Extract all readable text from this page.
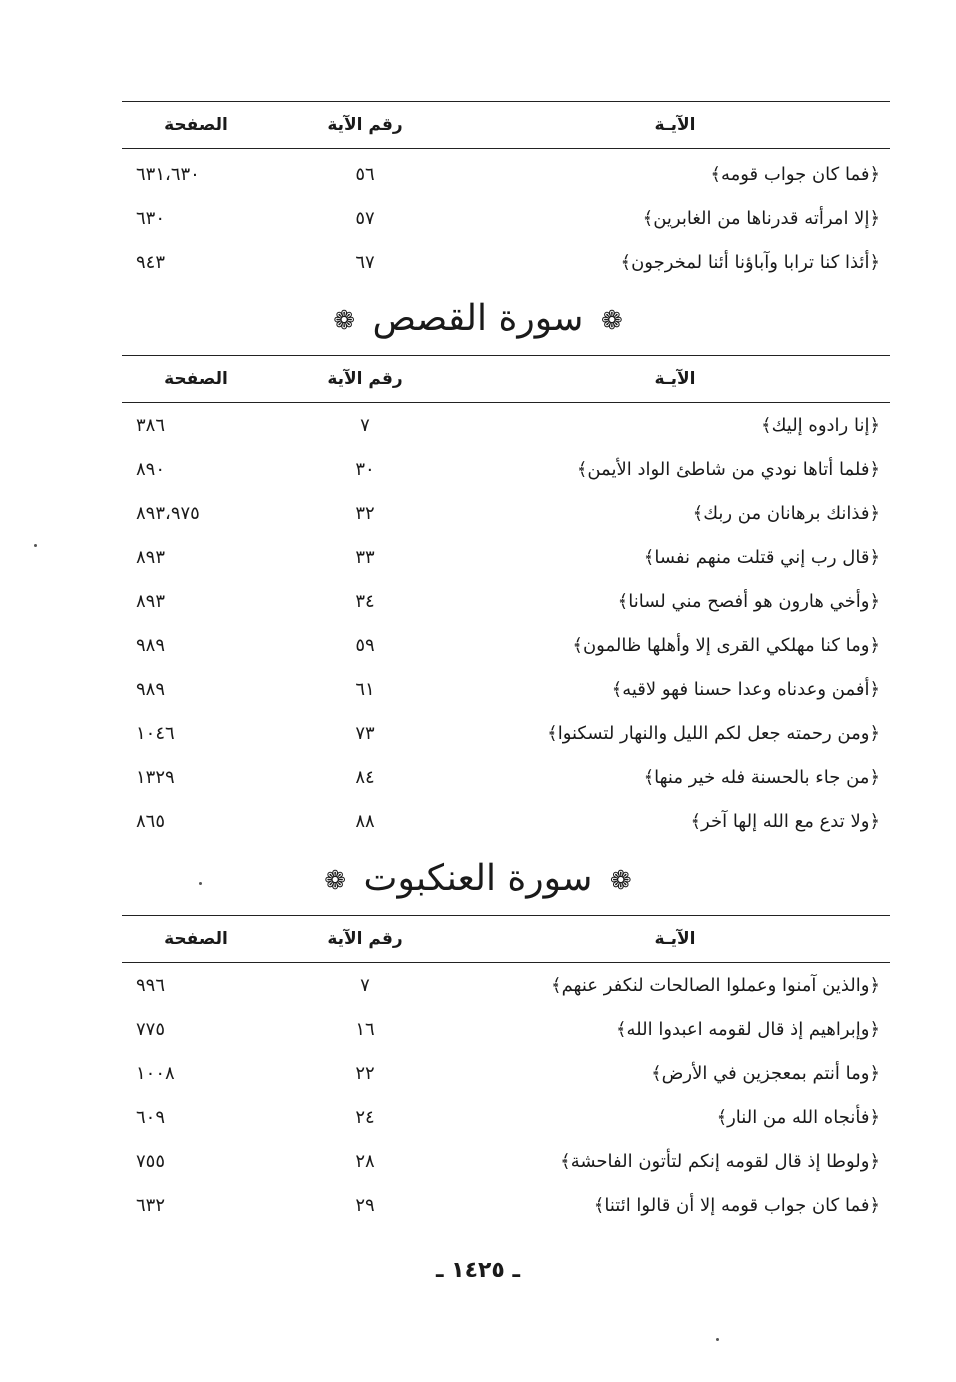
الآيـة
رقم الآية
الصفحة
﴿فما كان جواب قومه﴾
٥٦
٦٣١،٦٣٠
﴿إلا امرأته قدرناها من الغابرين﴾
٥٧
٦٣٠
﴿أئذا كنا ترابا وآباؤنا أئنا لمخرجون﴾
٦٧
٩٤٣
❁ سورة القصص ❁
الآيـة
رقم الآية
الصفحة
﴿إنا رادوه إليك﴾
٧
٣٨٦
﴿فلما أتاها نودي من شاطئ الواد الأيمن﴾
٣٠
٨٩٠
﴿فذانك برهانان من ربك﴾
٣٢
٨٩٣،٩٧٥
﴿قال رب إني قتلت منهم نفسا﴾
٣٣
٨٩٣
﴿وأخي هارون هو أفصح مني لسانا﴾
٣٤
٨٩٣
﴿وما كنا مهلكي القرى إلا وأهلها ظالمون﴾
٥٩
٩٨٩
﴿أفمن وعدناه وعدا حسنا فهو لاقيه﴾
٦١
٩٨٩
﴿ومن رحمته جعل لكم الليل والنهار لتسكنوا﴾
٧٣
١٠٤٦
﴿من جاء بالحسنة فله خير منها﴾
٨٤
١٣٢٩
﴿ولا تدع مع الله إلها آخر﴾
٨٨
٨٦٥
❁ سورة العنكبوت ❁
الآيـة
رقم الآية
الصفحة
﴿والذين آمنوا وعملوا الصالحات لنكفر عنهم﴾
٧
٩٩٦
﴿وإبراهيم إذ قال لقومه اعبدوا الله﴾
١٦
٧٧٥
﴿وما أنتم بمعجزين في الأرض﴾
٢٢
١٠٠٨
﴿فأنجاه الله من النار﴾
٢٤
٦٠٩
﴿ولوطا إذ قال لقومه إنكم لتأتون الفاحشة﴾
٢٨
٧٥٥
﴿فما كان جواب قومه إلا أن قالوا ائتنا﴾
٢٩
٦٣٢
ـ ١٤٢٥ ـ
